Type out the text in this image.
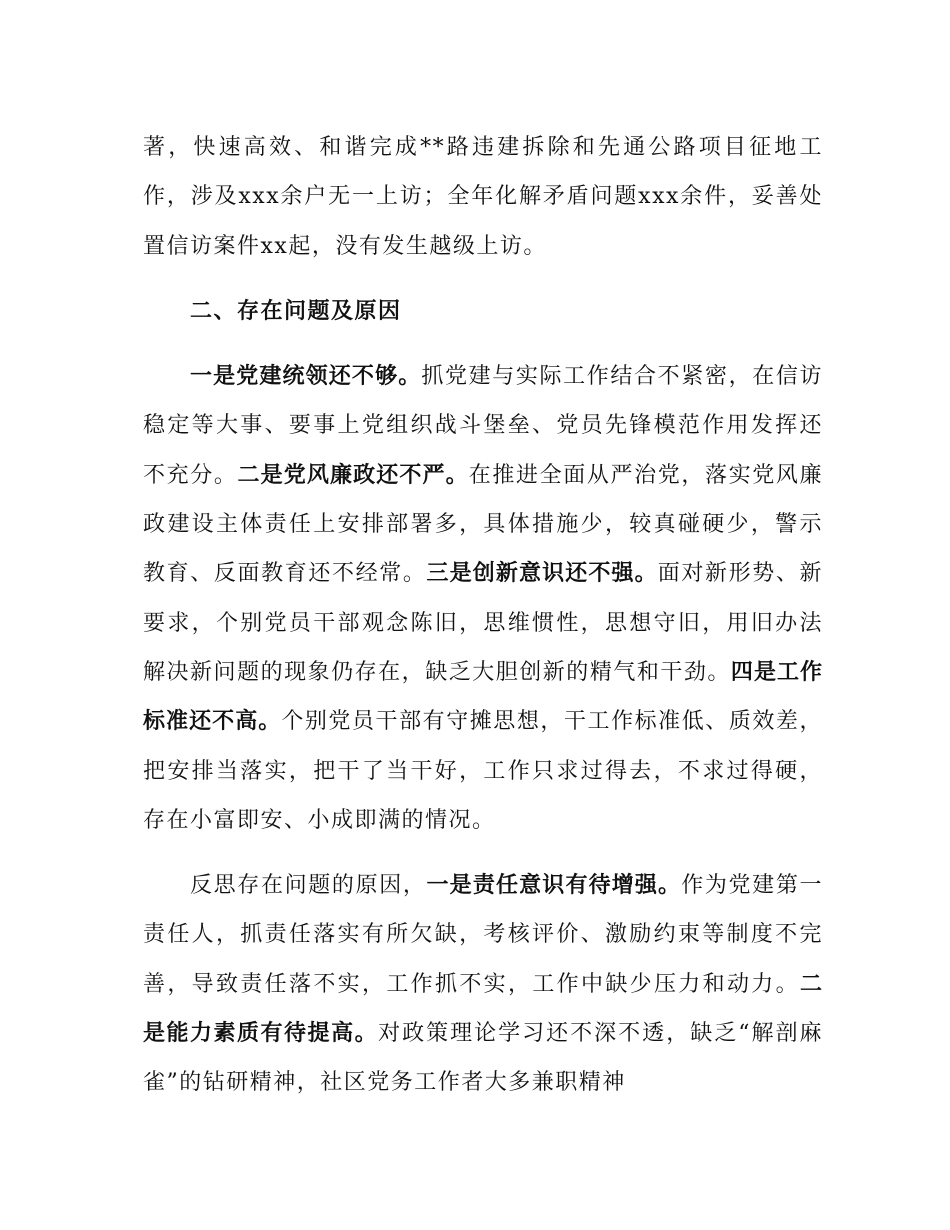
著，快速高效、和谐完成**路违建拆除和先通公路项目征地工作，涉及xxx余户无一上访；全年化解矛盾问题xxx余件，妥善处置信访案件xx起，没有发生越级上访。

二、存在问题及原因

一是党建统领还不够。抓党建与实际工作结合不紧密，在信访稳定等大事、要事上党组织战斗堡垒、党员先锋模范作用发挥还不充分。二是党风廉政还不严。在推进全面从严治党，落实党风廉政建设主体责任上安排部署多，具体措施少，较真碰硬少，警示教育、反面教育还不经常。三是创新意识还不强。面对新形势、新要求，个别党员干部观念陈旧，思维惯性，思想守旧，用旧办法解决新问题的现象仍存在，缺乏大胆创新的精气和干劲。四是工作标准还不高。个别党员干部有守摊思想，干工作标准低、质效差，把安排当落实，把干了当干好，工作只求过得去，不求过得硬，存在小富即安、小成即满的情况。

反思存在问题的原因，一是责任意识有待增强。作为党建第一责任人，抓责任落实有所欠缺，考核评价、激励约束等制度不完善，导致责任落不实，工作抓不实，工作中缺少压力和动力。二是能力素质有待提高。对政策理论学习还不深不透，缺乏“解剖麻雀”的钻研精神，社区党务工作者大多兼职精神
